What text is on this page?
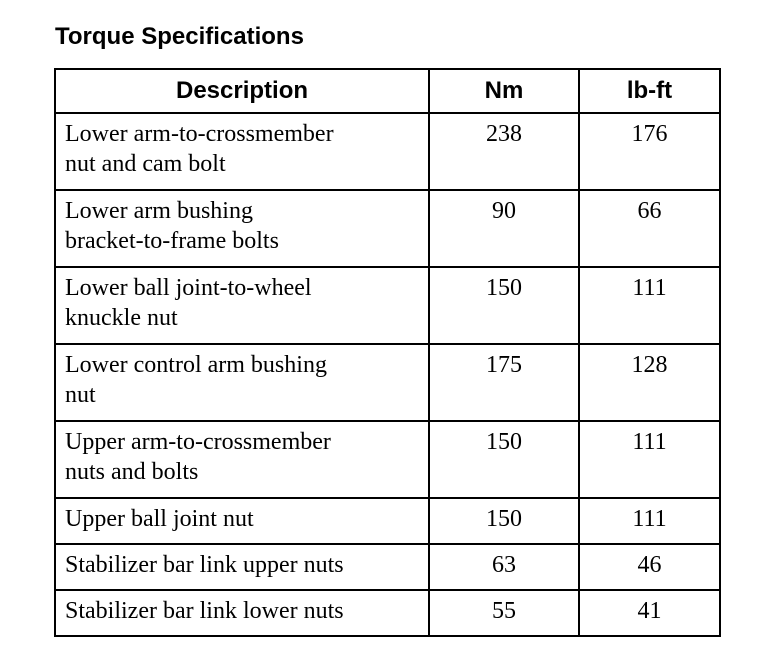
Torque Specifications
Description	Nm	lb-ft

Lower arm-to-crossmember
nut and cam bolt	238	176

Lower arm bushing
bracket-to-frame bolts	90	66

Lower ball joint-to-wheel
knuckle nut	150	111

Lower control arm bushing
nut	175	128

Upper arm-to-crossmember
nuts and bolts	150	111

Upper ball joint nut	150	111

Stabilizer bar link upper nuts	63	46

Stabilizer bar link lower nuts	55	41
